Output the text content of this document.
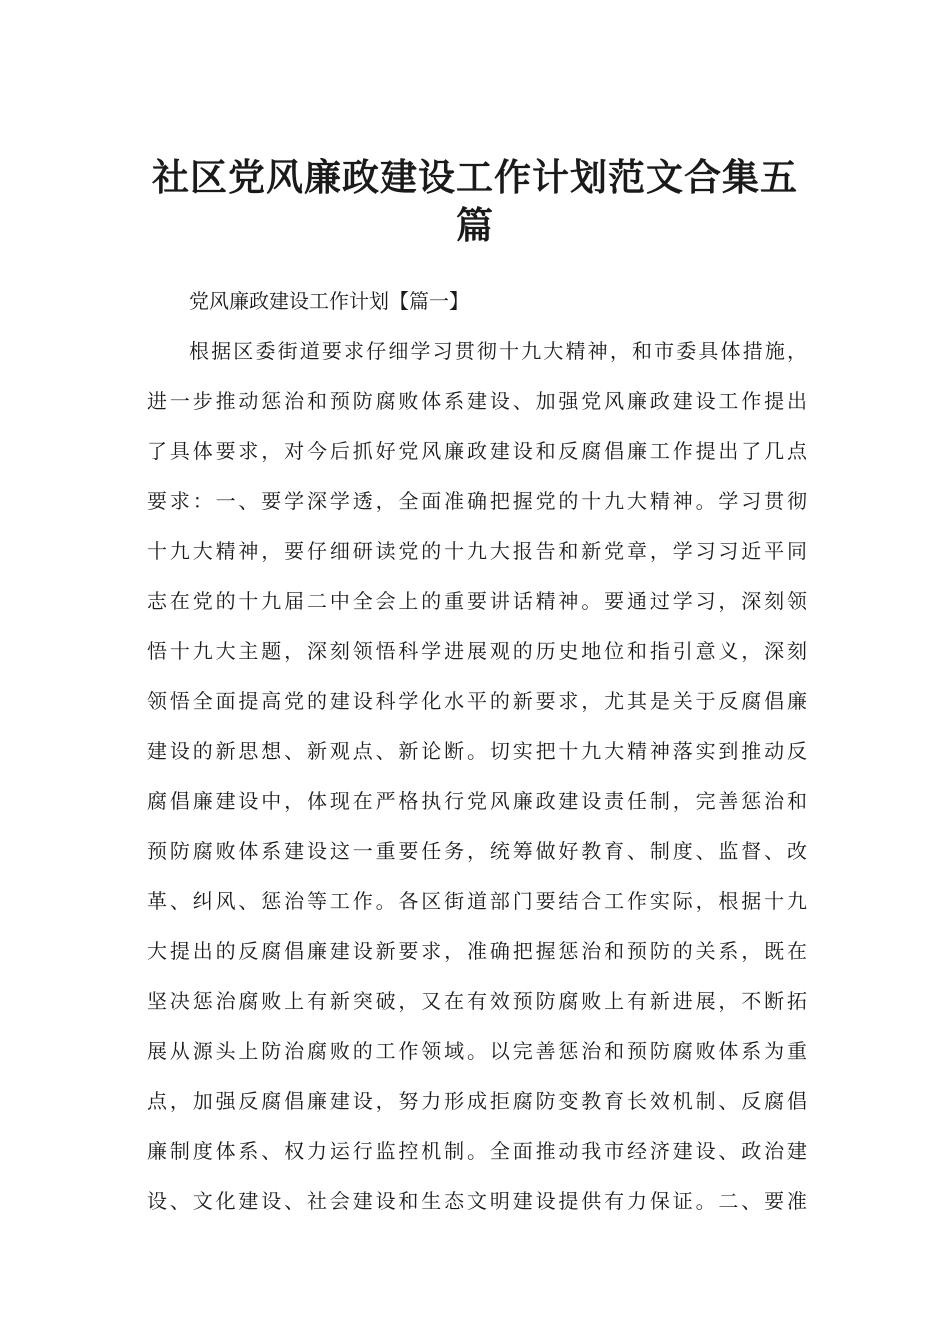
社区党风廉政建设工作计划范文合集五
篇

党风廉政建设工作计划【篇一】

根据区委街道要求仔细学习贯彻十九大精神，和市委具体措施，
进一步推动惩治和预防腐败体系建设、加强党风廉政建设工作提出
了具体要求，对今后抓好党风廉政建设和反腐倡廉工作提出了几点
要求：一、要学深学透，全面准确把握党的十九大精神。学习贯彻
十九大精神，要仔细研读党的十九大报告和新党章，学习习近平同
志在党的十九届二中全会上的重要讲话精神。要通过学习，深刻领
悟十九大主题，深刻领悟科学进展观的历史地位和指引意义，深刻
领悟全面提高党的建设科学化水平的新要求，尤其是关于反腐倡廉
建设的新思想、新观点、新论断。切实把十九大精神落实到推动反
腐倡廉建设中，体现在严格执行党风廉政建设责任制，完善惩治和
预防腐败体系建设这一重要任务，统筹做好教育、制度、监督、改
革、纠风、惩治等工作。各区街道部门要结合工作实际，根据十九
大提出的反腐倡廉建设新要求，准确把握惩治和预防的关系，既在
坚决惩治腐败上有新突破，又在有效预防腐败上有新进展，不断拓
展从源头上防治腐败的工作领域。以完善惩治和预防腐败体系为重
点，加强反腐倡廉建设，努力形成拒腐防变教育长效机制、反腐倡
廉制度体系、权力运行监控机制。全面推动我市经济建设、政治建
设、文化建设、社会建设和生态文明建设提供有力保证。二、要准
